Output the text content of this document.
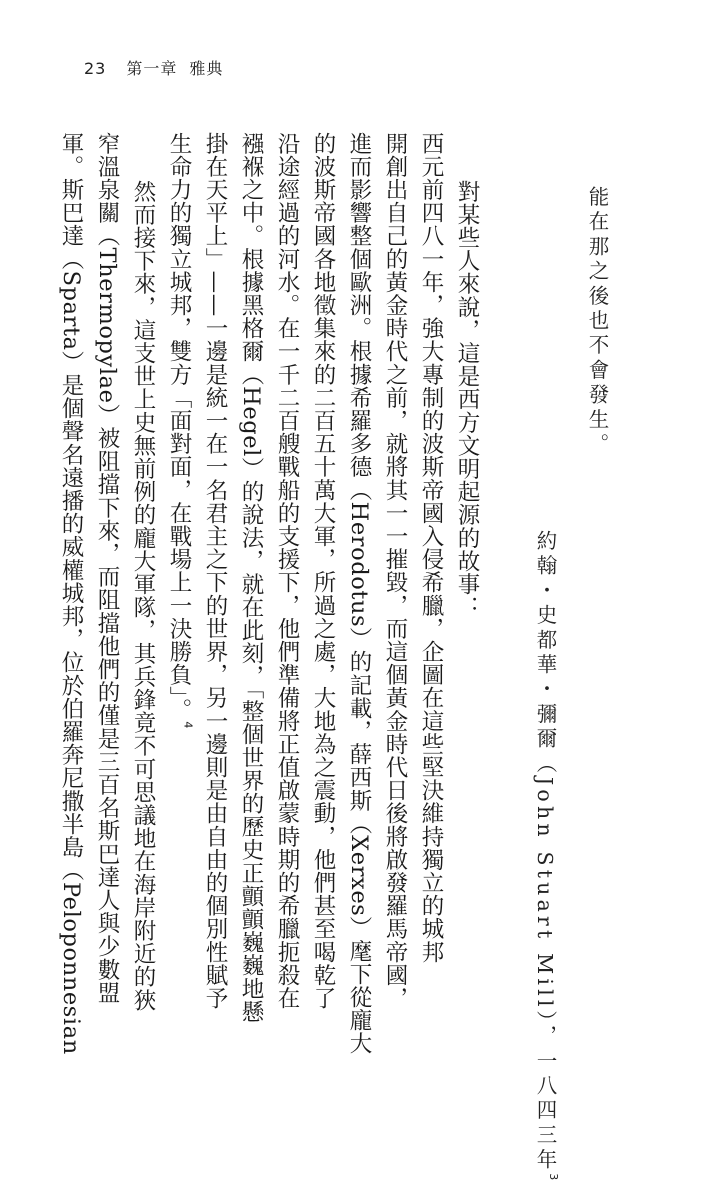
23 第一章 雅典
能在那之後也不會發生。
約翰・史都華・彌爾（John Stuart Mill），一八四三年$^3$
對某些人來說，這是西方文明起源的故事：
西元前四八一年，強大專制的波斯帝國入侵希臘，企圖在這些堅決維持獨立的城邦
開創出自己的黃金時代之前，就將其一一摧毀，而這個黃金時代日後將啟發羅馬帝國，
進而影響整個歐洲。根據希羅多德（Herodotus）的記載，薛西斯（Xerxes）麾下從龐大
的波斯帝國各地徵集來的二百五十萬大軍，所過之處，大地為之震動，他們甚至喝乾了
沿途經過的河水。在一千二百艘戰船的支援下，他們準備將正值啟蒙時期的希臘扼殺在
襁褓之中。根據黑格爾（Hegel）的說法，就在此刻，「整個世界的歷史正顫顫巍巍地懸
掛在天平上」——一邊是統一在一名君主之下的世界，另一邊則是由自由的個別性賦予
生命力的獨立城邦，雙方「面對面，在戰場上一決勝負」。$^4$
然而接下來，這支世上史無前例的龐大軍隊，其兵鋒竟不可思議地在海岸附近的狹
窄溫泉關（Thermopylae）被阻擋下來，而阻擋他們的僅是三百名斯巴達人與少數盟
軍。斯巴達（Sparta）是個聲名遠播的威權城邦，位於伯羅奔尼撒半島（Peloponnesian
